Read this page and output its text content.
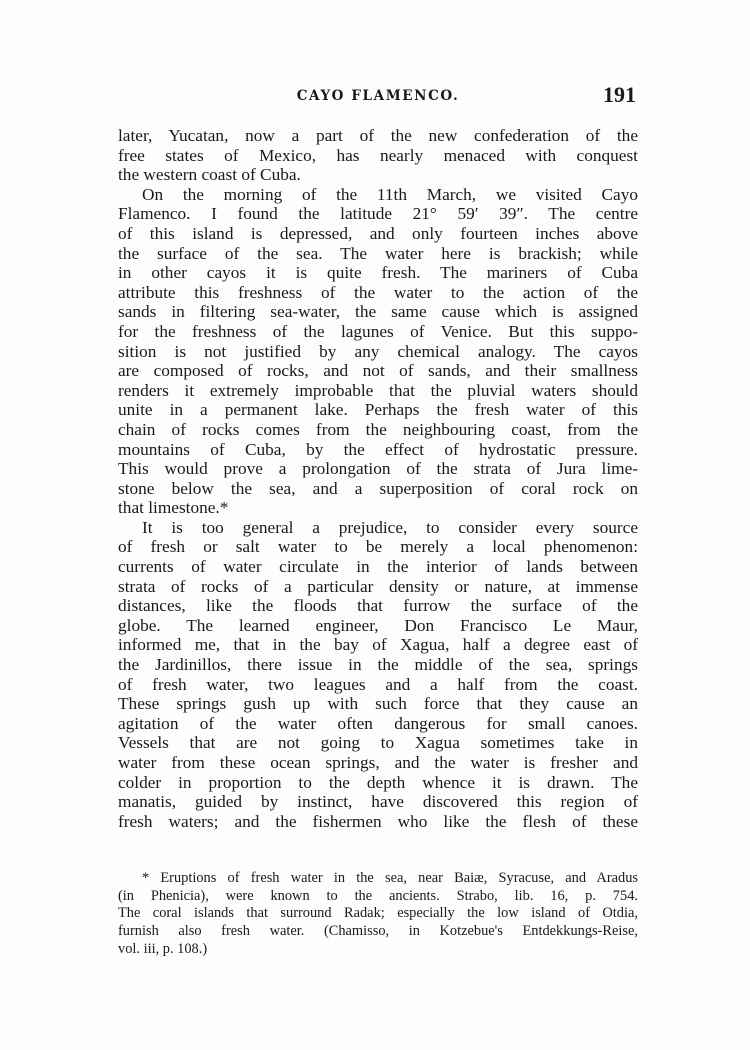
CAYO FLAMENCO.	191
later, Yucatan, now a part of the new confederation of the
free states of Mexico, has nearly menaced with conquest
the western coast of Cuba.
On the morning of the 11th March, we visited Cayo
Flamenco. I found the latitude 21° 59′ 39″. The centre
of this island is depressed, and only fourteen inches above
the surface of the sea. The water here is brackish; while
in other cayos it is quite fresh. The mariners of Cuba
attribute this freshness of the water to the action of the
sands in filtering sea-water, the same cause which is assigned
for the freshness of the lagunes of Venice. But this suppo-
sition is not justified by any chemical analogy. The cayos
are composed of rocks, and not of sands, and their smallness
renders it extremely improbable that the pluvial waters should
unite in a permanent lake. Perhaps the fresh water of this
chain of rocks comes from the neighbouring coast, from the
mountains of Cuba, by the effect of hydrostatic pressure.
This would prove a prolongation of the strata of Jura lime-
stone below the sea, and a superposition of coral rock on
that limestone.*
It is too general a prejudice, to consider every source
of fresh or salt water to be merely a local phenomenon:
currents of water circulate in the interior of lands between
strata of rocks of a particular density or nature, at immense
distances, like the floods that furrow the surface of the
globe. The learned engineer, Don Francisco Le Maur,
informed me, that in the bay of Xagua, half a degree east of
the Jardinillos, there issue in the middle of the sea, springs
of fresh water, two leagues and a half from the coast.
These springs gush up with such force that they cause an
agitation of the water often dangerous for small canoes.
Vessels that are not going to Xagua sometimes take in
water from these ocean springs, and the water is fresher and
colder in proportion to the depth whence it is drawn. The
manatis, guided by instinct, have discovered this region of
fresh waters; and the fishermen who like the flesh of these
* Eruptions of fresh water in the sea, near Baiæ, Syracuse, and Aradus
(in Phenicia), were known to the ancients. Strabo, lib. 16, p. 754.
The coral islands that surround Radak; especially the low island of Otdia,
furnish also fresh water. (Chamisso, in Kotzebue's Entdekkungs-Reise,
vol. iii, p. 108.)
